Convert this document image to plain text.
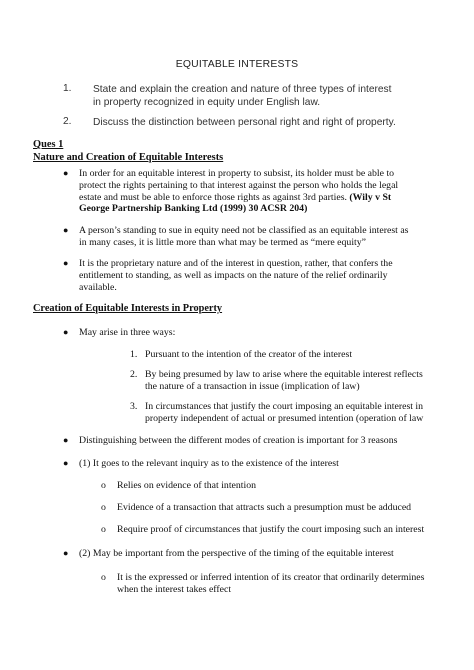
EQUITABLE INTERESTS

1. State and explain the creation and nature of three types of interest
in property recognized in equity under English law.
2. Discuss the distinction between personal right and right of property.
Ques 1
Nature and Creation of Equitable Interests
● In order for an equitable interest in property to subsist, its holder must be able to
protect the rights pertaining to that interest against the person who holds the legal
estate and must be able to enforce those rights as against 3rd parties. (Wily v St
George Partnership Banking Ltd (1999) 30 ACSR 204)
● A person’s standing to sue in equity need not be classified as an equitable interest as
in many cases, it is little more than what may be termed as “mere equity”
● It is the proprietary nature and of the interest in question, rather, that confers the
entitlement to standing, as well as impacts on the nature of the relief ordinarily
available.
Creation of Equitable Interests in Property
● May arise in three ways:
1. Pursuant to the intention of the creator of the interest
2. By being presumed by law to arise where the equitable interest reflects
the nature of a transaction in issue (implication of law)
3. In circumstances that justify the court imposing an equitable interest in
property independent of actual or presumed intention (operation of law
● Distinguishing between the different modes of creation is important for 3 reasons
● (1) It goes to the relevant inquiry as to the existence of the interest
o Relies on evidence of that intention
o Evidence of a transaction that attracts such a presumption must be adduced
o Require proof of circumstances that justify the court imposing such an interest
● (2) May be important from the perspective of the timing of the equitable interest
o It is the expressed or inferred intention of its creator that ordinarily determines
when the interest takes effect
